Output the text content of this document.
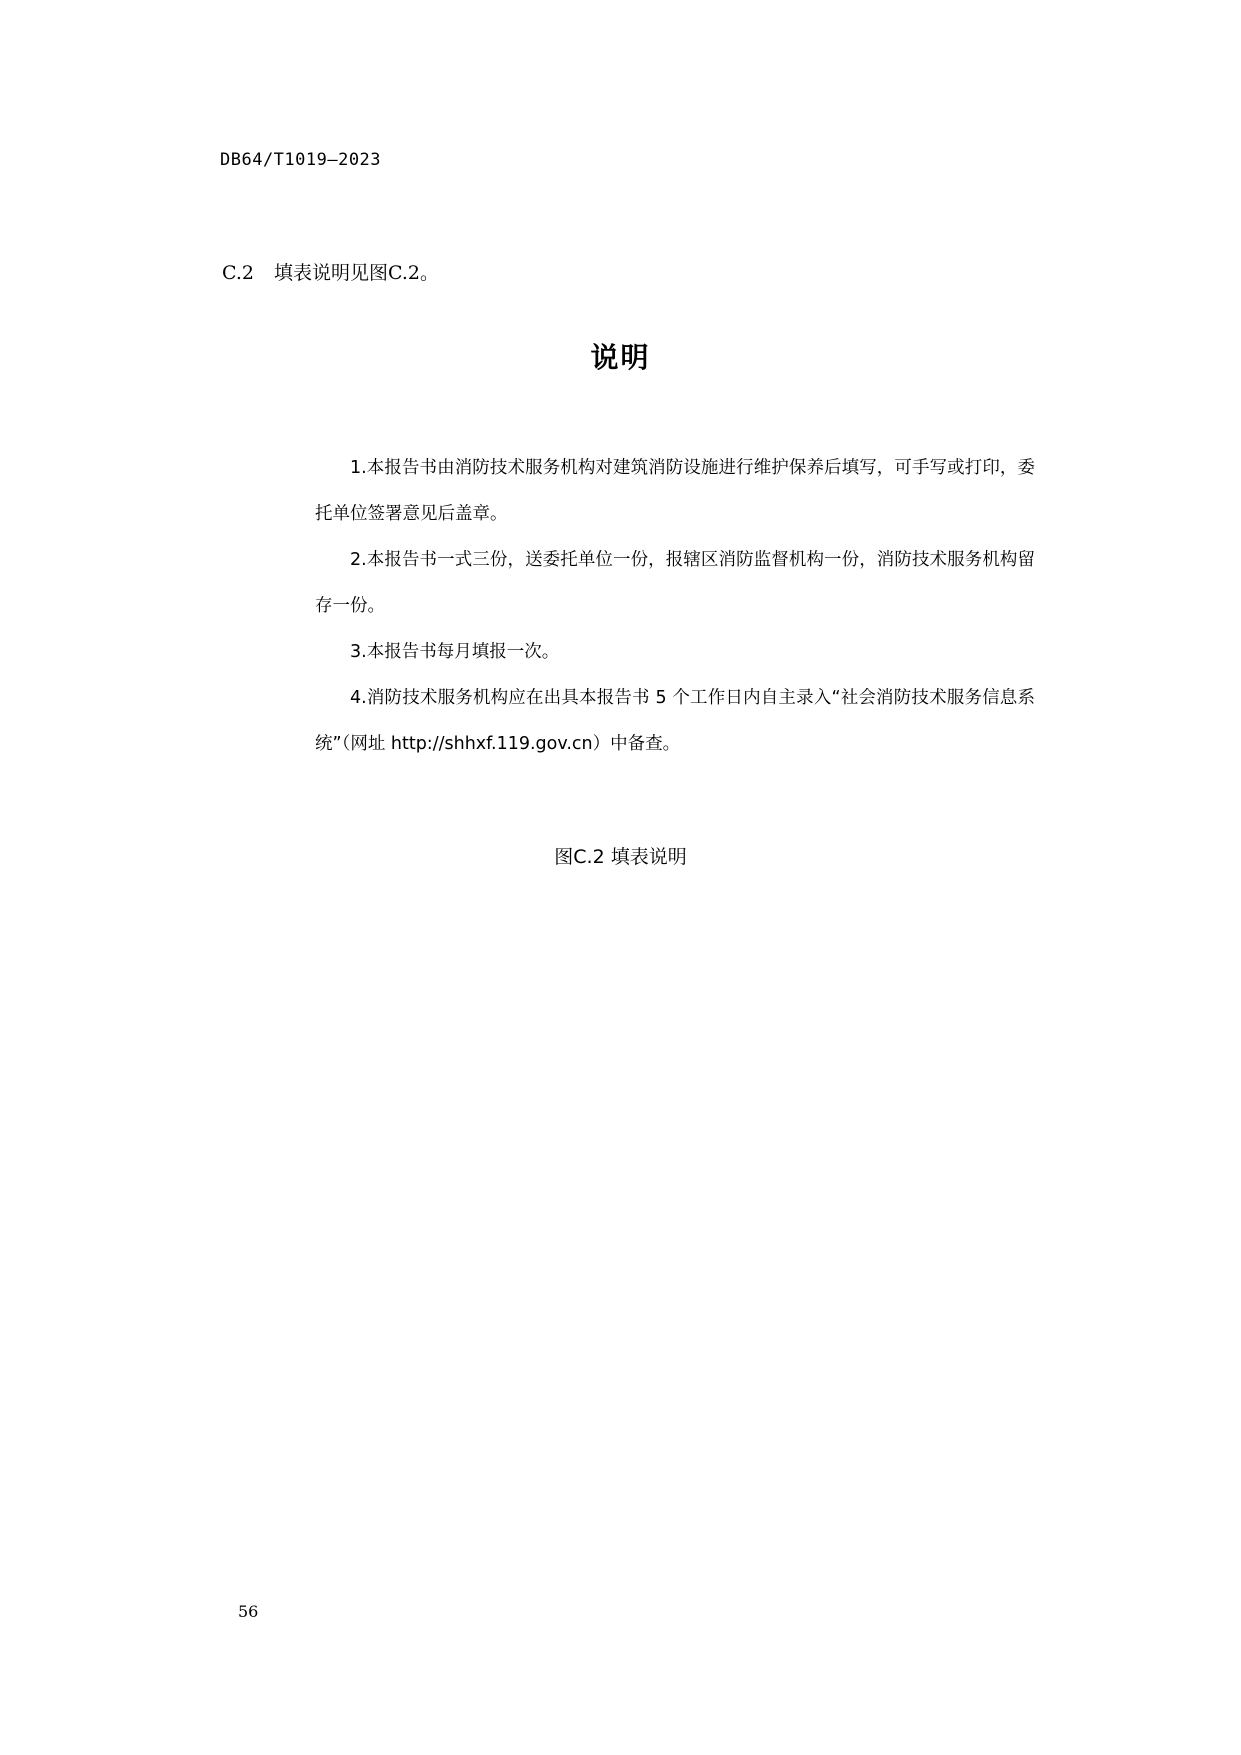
DB64/T1019—2023
C.2 填表说明见图C.2。
说明

1.本报告书由消防技术服务机构对建筑消防设施进行维护保养后填写，可手写或打印，委托单位签署意见后盖章。

2.本报告书一式三份，送委托单位一份，报辖区消防监督机构一份，消防技术服务机构留存一份。

3.本报告书每月填报一次。

4.消防技术服务机构应在出具本报告书 5 个工作日内自主录入“社会消防技术服务信息系统”（网址 http://shhxf.119.gov.cn）中备查。

图C.2 填表说明
56
